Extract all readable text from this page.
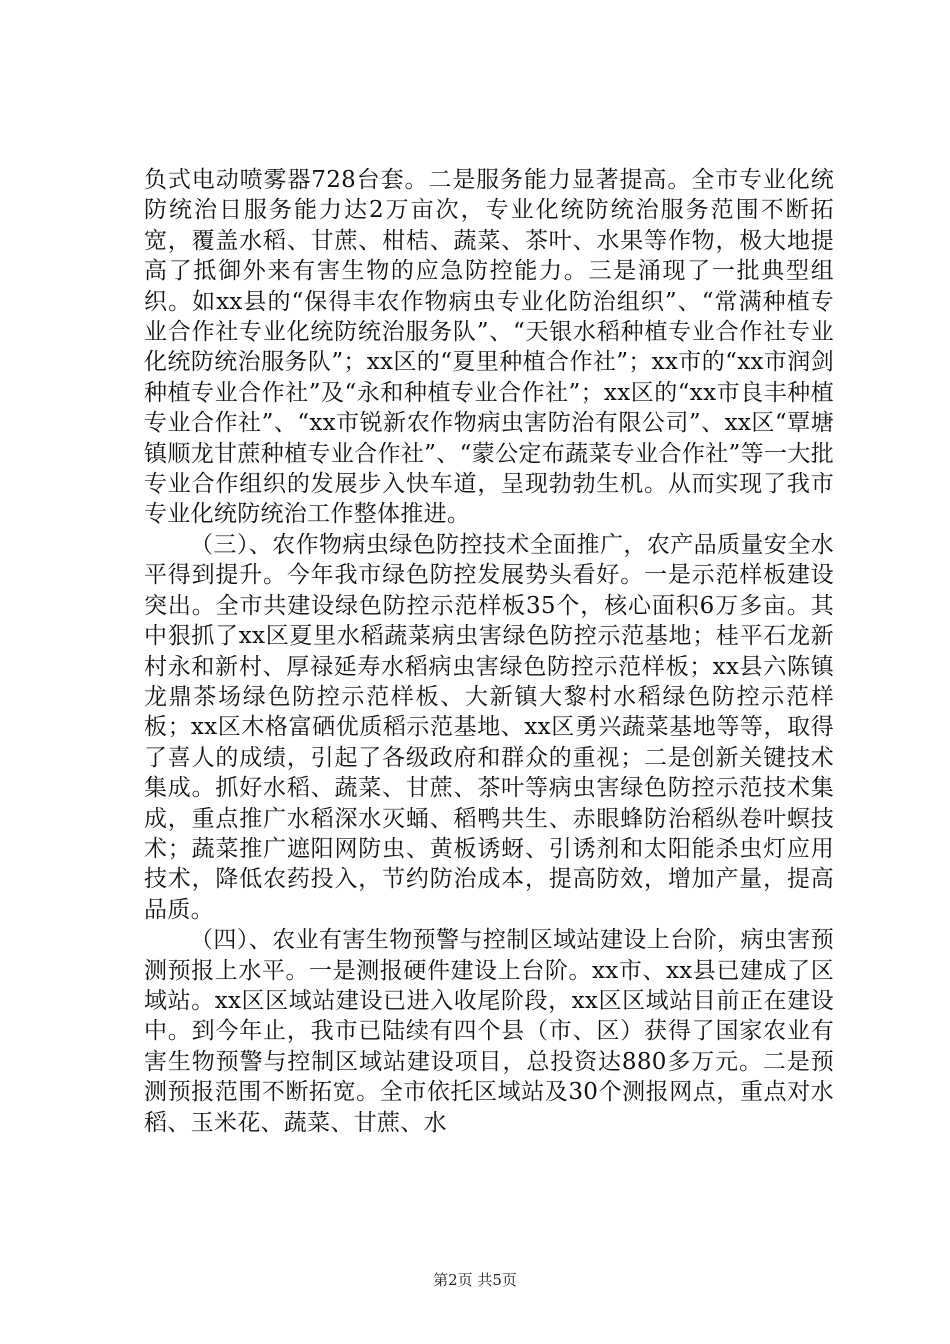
负式电动喷雾器728台套。二是服务能力显著提高。全市专业化统防统治日服务能力达2万亩次，专业化统防统治服务范围不断拓宽，覆盖水稻、甘蔗、柑桔、蔬菜、茶叶、水果等作物，极大地提高了抵御外来有害生物的应急防控能力。三是涌现了一批典型组织。如xx县的“保得丰农作物病虫专业化防治组织”、“常满种植专业合作社专业化统防统治服务队”、“天银水稻种植专业合作社专业化统防统治服务队”；xx区的“夏里种植合作社”；xx市的“xx市润剑种植专业合作社”及“永和种植专业合作社”；xx区的“xx市良丰种植专业合作社”、“xx市锐新农作物病虫害防治有限公司”、xx区“覃塘镇顺龙甘蔗种植专业合作社”、“蒙公定布蔬菜专业合作社”等一大批专业合作组织的发展步入快车道，呈现勃勃生机。从而实现了我市专业化统防统治工作整体推进。

（三）、农作物病虫绿色防控技术全面推广，农产品质量安全水平得到提升。今年我市绿色防控发展势头看好。一是示范样板建设突出。全市共建设绿色防控示范样板35个，核心面积6万多亩。其中狠抓了xx区夏里水稻蔬菜病虫害绿色防控示范基地；桂平石龙新村永和新村、厚禄延寿水稻病虫害绿色防控示范样板；xx县六陈镇龙鼎茶场绿色防控示范样板、大新镇大黎村水稻绿色防控示范样板；xx区木格富硒优质稻示范基地、xx区勇兴蔬菜基地等等，取得了喜人的成绩，引起了各级政府和群众的重视；二是创新关键技术集成。抓好水稻、蔬菜、甘蔗、茶叶等病虫害绿色防控示范技术集成，重点推广水稻深水灭蛹、稻鸭共生、赤眼蜂防治稻纵卷叶螟技术；蔬菜推广遮阳网防虫、黄板诱蚜、引诱剂和太阳能杀虫灯应用技术，降低农药投入，节约防治成本，提高防效，增加产量，提高品质。

（四）、农业有害生物预警与控制区域站建设上台阶，病虫害预测预报上水平。一是测报硬件建设上台阶。xx市、xx县已建成了区域站。xx区区域站建设已进入收尾阶段，xx区区域站目前正在建设中。到今年止，我市已陆续有四个县（市、区）获得了国家农业有害生物预警与控制区域站建设项目，总投资达880多万元。二是预测预报范围不断拓宽。全市依托区域站及30个测报网点，重点对水稻、玉米花、蔬菜、甘蔗、水

第2页 共5页
